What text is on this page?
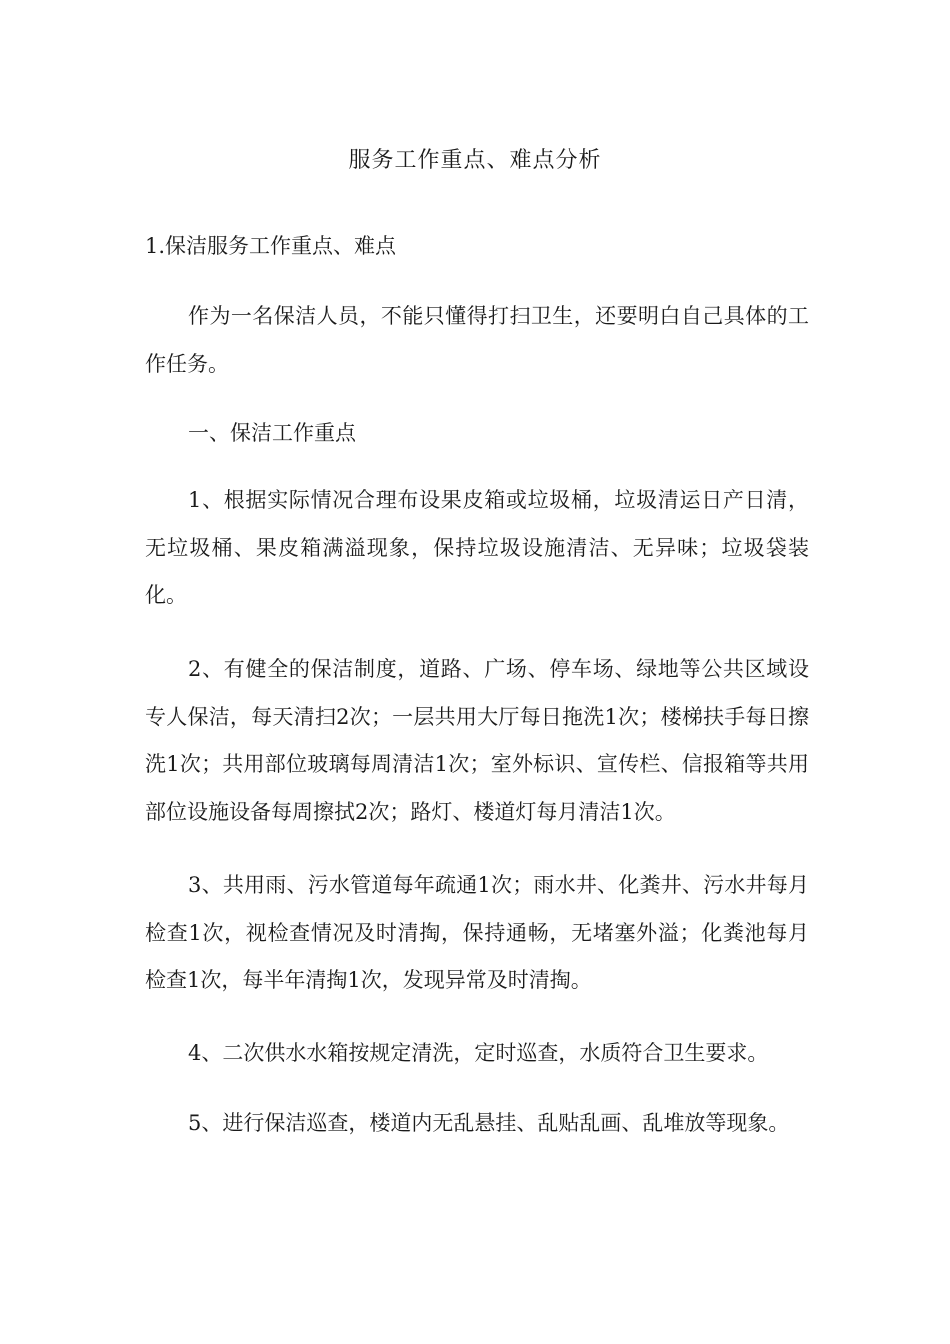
服务工作重点、难点分析
1.保洁服务工作重点、难点

作为一名保洁人员，不能只懂得打扫卫生，还要明白自己具体的工作任务。

一、保洁工作重点

1、根据实际情况合理布设果皮箱或垃圾桶，垃圾清运日产日清，无垃圾桶、果皮箱满溢现象，保持垃圾设施清洁、无异味；垃圾袋装化。

2、有健全的保洁制度，道路、广场、停车场、绿地等公共区域设专人保洁，每天清扫2次；一层共用大厅每日拖洗1次；楼梯扶手每日擦洗1次；共用部位玻璃每周清洁1次；室外标识、宣传栏、信报箱等共用部位设施设备每周擦拭2次；路灯、楼道灯每月清洁1次。

3、共用雨、污水管道每年疏通1次；雨水井、化粪井、污水井每月检查1次，视检查情况及时清掏，保持通畅，无堵塞外溢；化粪池每月检查1次，每半年清掏1次，发现异常及时清掏。

4、二次供水水箱按规定清洗，定时巡查，水质符合卫生要求。

5、进行保洁巡查，楼道内无乱悬挂、乱贴乱画、乱堆放等现象。
